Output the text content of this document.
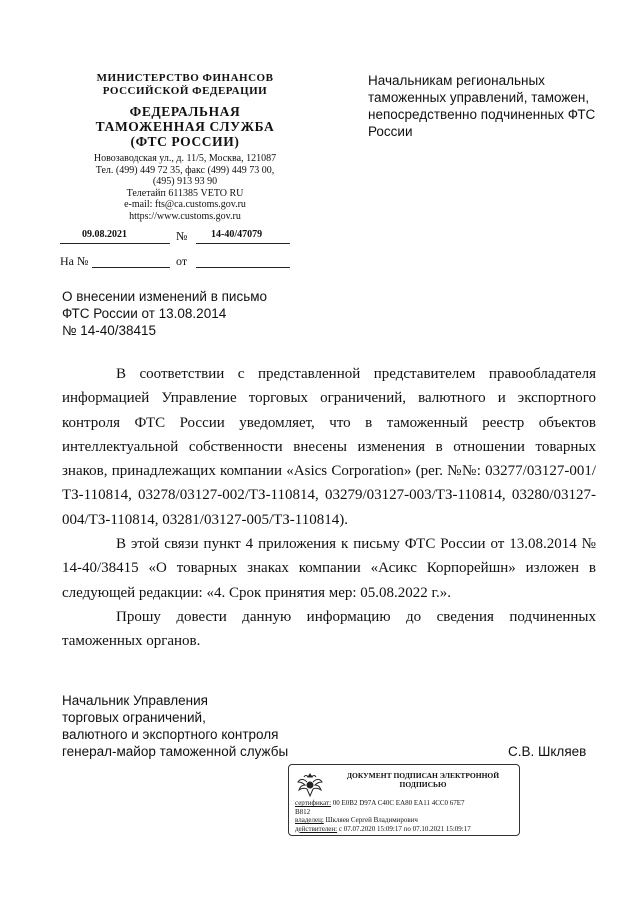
МИНИСТЕРСТВО ФИНАНСОВ
РОССИЙСКОЙ ФЕДЕРАЦИИ
ФЕДЕРАЛЬНАЯ
ТАМОЖЕННАЯ СЛУЖБА
(ФТС РОССИИ)
Новозаводская ул., д. 11/5, Москва, 121087
Тел. (499) 449 72 35, факс (499) 449 73 00,
(495) 913 93 90
Телетайп 611385 VETO RU
e-mail: fts@ca.customs.gov.ru
https://www.customs.gov.ru
09.08.2021	№ 14-40/47079
На №	от
Начальникам региональных таможенных управлений, таможен, непосредственно подчиненных ФТС России
О внесении изменений в письмо
ФТС России от 13.08.2014
№ 14-40/38415

В соответствии с представленной представителем правообладателя информацией Управление торговых ограничений, валютного и экспортного контроля ФТС России уведомляет, что в таможенный реестр объектов интеллектуальной собственности внесены изменения в отношении товарных знаков, принадлежащих компании «Asics Corporation» (рег. №№: 03277/03127-001/ТЗ-110814, 03278/03127-002/ТЗ-110814, 03279/03127-003/ТЗ-110814, 03280/03127-004/ТЗ-110814, 03281/03127-005/ТЗ-110814).

В этой связи пункт 4 приложения к письму ФТС России от 13.08.2014 № 14-40/38415 «О товарных знаках компании «Асикс Корпорейшн» изложен в следующей редакции: «4. Срок принятия мер: 05.08.2022 г.».

Прошу довести данную информацию до сведения подчиненных таможенных органов.

Начальник Управления
торговых ограничений,
валютного и экспортного контроля
генерал-майор таможенной службы	С.В. Шкляев
ДОКУМЕНТ ПОДПИСАН ЭЛЕКТРОННОЙ
ПОДПИСЬЮ
сертификат: 00 E0B2 D97A C40C EA80 EA11 4CC0 67E7
B812
владелец: Шкляев Сергей Владимирович
действителен: с 07.07.2020 15:09:17 по 07.10.2021 15:09:17
